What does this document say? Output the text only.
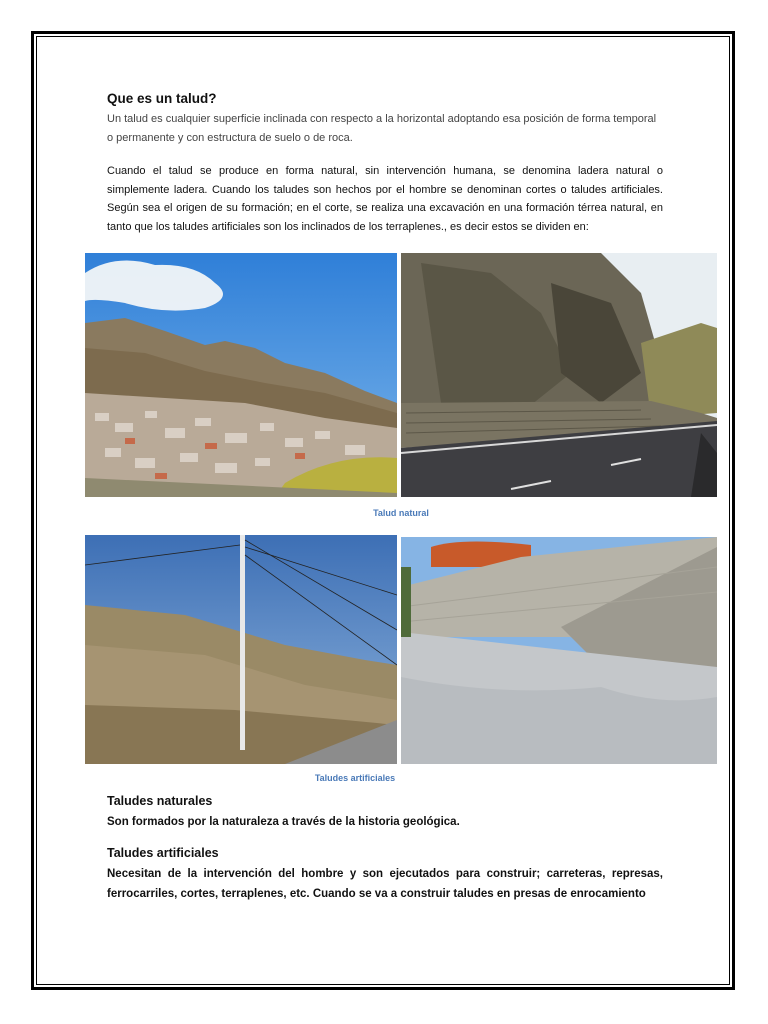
Que es un talud?

Un talud es cualquier superficie inclinada con respecto a la horizontal adoptando esa posición de forma temporal o permanente y con estructura de suelo o de roca.

Cuando el talud se produce en forma natural, sin intervención humana, se denomina ladera natural o simplemente ladera. Cuando los taludes son hechos por el hombre se denominan cortes o taludes artificiales. Según sea el origen de su formación; en el corte, se realiza una excavación en una formación térrea natural, en tanto que los taludes artificiales son los inclinados de los terraplenes., es decir estos se dividen en:

Talud natural
Taludes artificiales
Taludes naturales
Son formados por la naturaleza a través de la historia geológica.
Taludes artificiales
Necesitan de la intervención del hombre y son ejecutados para construir; carreteras, represas, ferrocarriles, cortes, terraplenes, etc. Cuando se va a construir taludes en presas de enrocamiento
